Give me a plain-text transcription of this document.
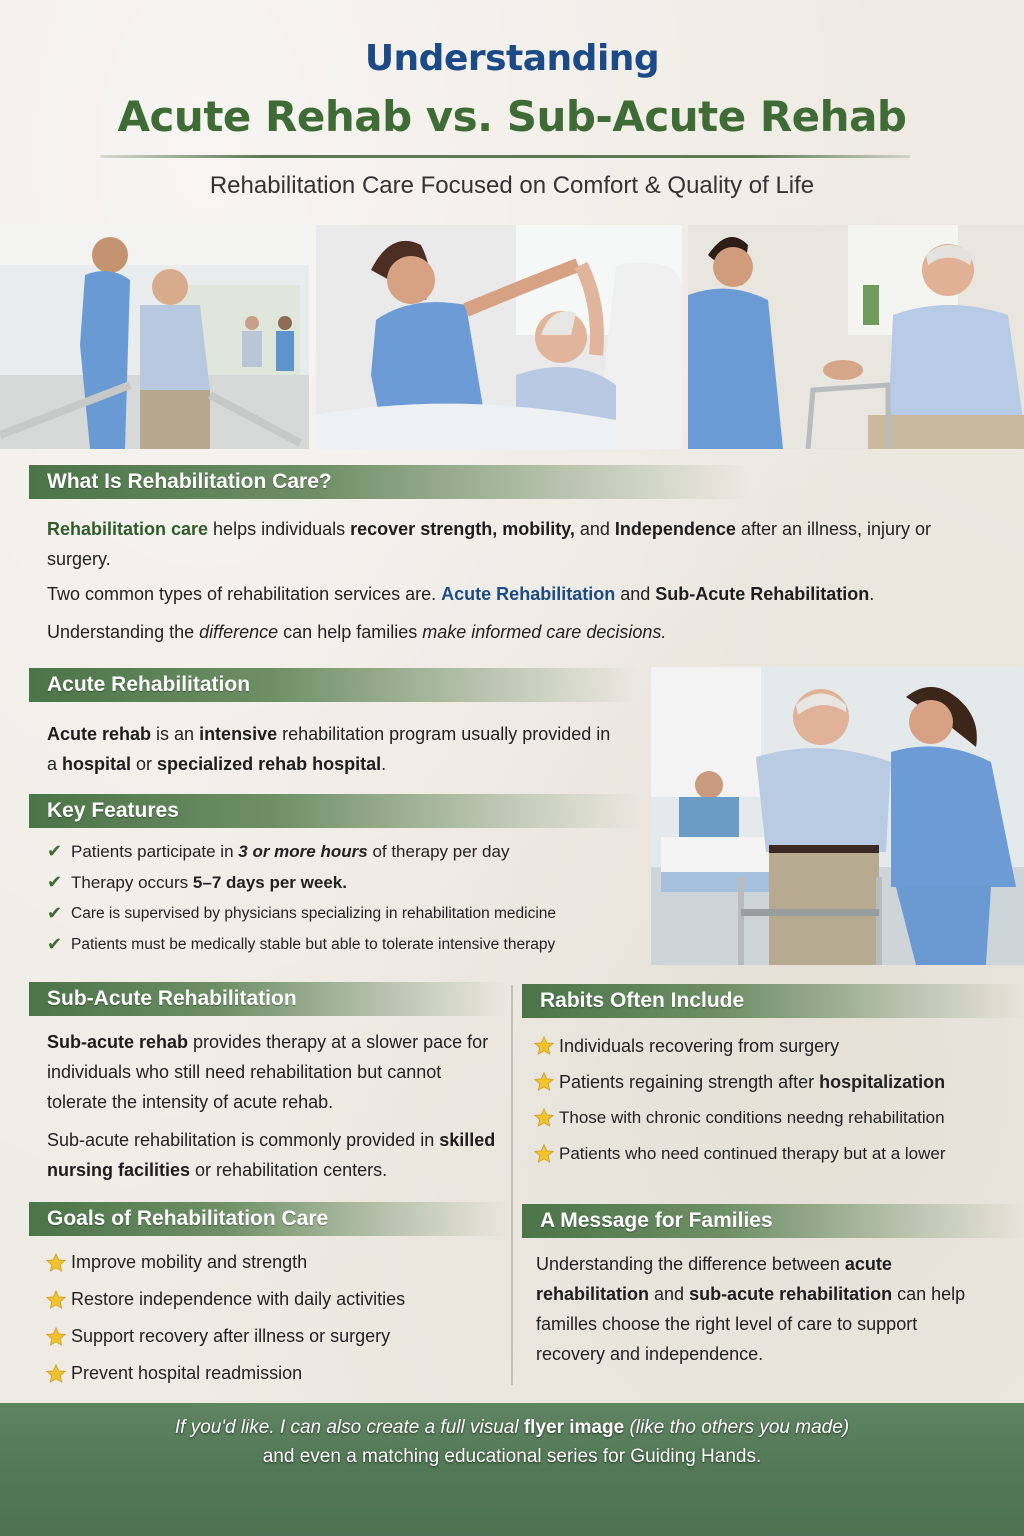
Understanding
Acute Rehab vs. Sub-Acute Rehab
Rehabilitation Care Focused on Comfort & Quality of Life
What Is Rehabilitation Care?
Rehabilitation care helps individuals recover strength, mobility, and Independence after an illness, injury or surgery.
Two common types of rehabilitation services are. Acute Rehabilitation and Sub-Acute Rehabilitation.
Understanding the difference can help families make informed care decisions.
Acute Rehabilitation
Acute rehab is an intensive rehabilitation program usually provided in a hospital or specialized rehab hospital.
Key Features
✔ Patients participate in
3 or more hours
of therapy per day
✔ Therapy occurs
5–7 days per week.
✔ Care is supervised by physicians specializing in rehabilitation medicine
✔ Patients must be medically stable but able to tolerate intensive therapy
Sub-Acute Rehabilitation
Sub-acute rehab provides therapy at a slower pace for individuals who still need rehabilitation but cannot tolerate the intensity of acute rehab.
Sub-acute rehabilitation is commonly provided in skilled nursing facilities or rehabilitation centers.
Rabits Often Include
Individuals recovering from surgery
Patients regaining strength after
hospitalization
Those with chronic conditions needng rehabilitation
Patients who need continued therapy but at a lower
Goals of Rehabilitation Care
Improve mobility and strength
Restore independence with daily activities
Support recovery after illness or surgery
Prevent hospital readmission
A Message for Families
Understanding the difference between acute rehabilitation and sub-acute rehabilitation can help familles choose the right level of care to support recovery and independence.
If you'd like. I can also create a full visual flyer image (like tho others you made)
and even a matching educational series for Guiding Hands.
